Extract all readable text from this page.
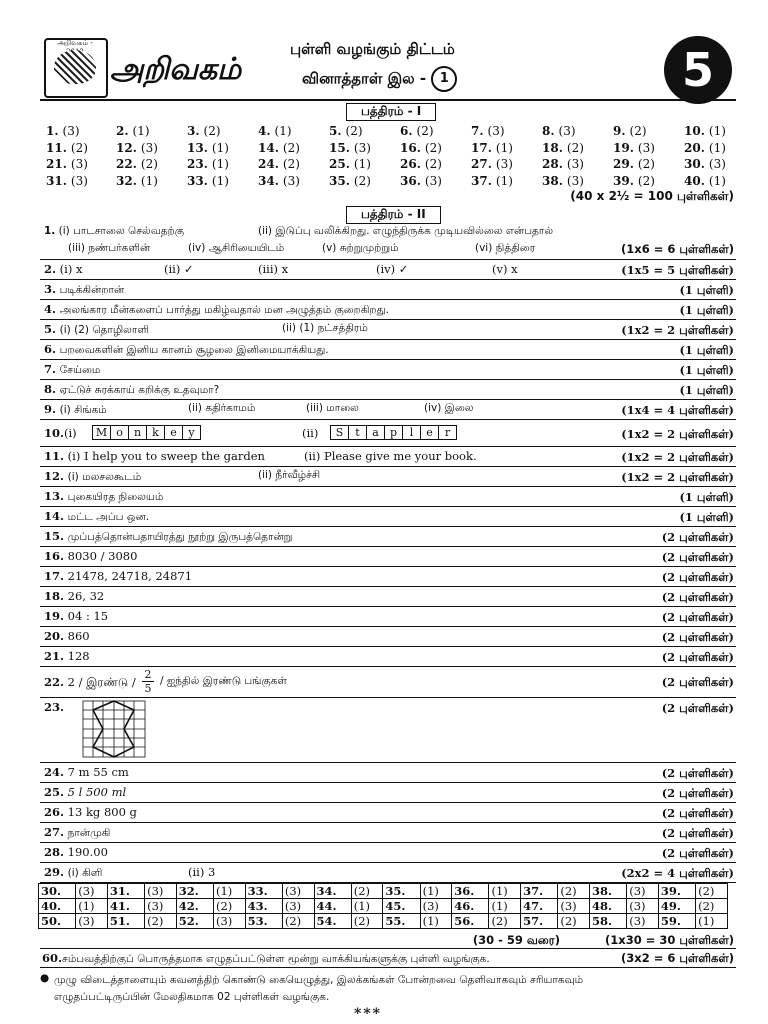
அறிவகம் -
அறிவகம்
புள்ளி வழங்கும் திட்டம்
வினாத்தாள் இல - 1	5
பத்திரம் - I
1. (3)	2. (1)	3. (2)	4. (1)	5. (2)	6. (2)	7. (3)	8. (3)	9. (2)	10. (1)
11. (2) 12. (3) 13. (1) 14. (2) 15. (3) 16. (2) 17. (1) 18. (2) 19. (3) 20. (1)
21. (3) 22. (2) 23. (1) 24. (2) 25. (1) 26. (2) 27. (3) 28. (3) 29. (2) 30. (3)
31. (3) 32. (1) 33. (1) 34. (3) 35. (2) 36. (3) 37. (1) 38. (3) 39. (2) 40. (1)
(40 x 2½ = 100 புள்ளிகள்)
பத்திரம் - II
1. (i) பாடசாலை செல்வதற்கு	(ii) இடுப்பு வலிக்கிறது. எழுந்திருக்க முடியவில்லை என்பதால்
(iii) நண்பர்களின்	(iv) ஆசிரியையிடம்	(v) சுற்றுமுற்றும்	(vi) நித்திரை	(1x6 = 6 புள்ளிகள்)
2. (i) x	(ii) ✓	(iii) x	(iv) ✓	(v) x	(1x5 = 5 புள்ளிகள்)
3. படிக்கின்றான்	(1 புள்ளி)
4. அலங்கார மீன்களைப் பார்த்து மகிழ்வதால் மன அழுத்தம் குறைகிறது.	(1 புள்ளி)
5. (i) (2) தொழிலாளி	(ii) (1) நட்சத்திரம்	(1x2 = 2 புள்ளிகள்)
6. பறவைகளின் இனிய கானம் சூழலை இனிமையாக்கியது.	(1 புள்ளி)
7. சேய்மை	(1 புள்ளி)
8. ஏட்டுச் சுரக்காய் கறிக்கு உதவுமா?	(1 புள்ளி)
9. (i) சிங்கம்	(ii) கதிர்காமம்	(iii) மாலை	(iv) இலை	(1x4 = 4 புள்ளிகள்)
10.(i)	M o n k e y	(ii)	S t a p l e r	(1x2 = 2 புள்ளிகள்)
11. (i) I help you to sweep the garden	(ii) Please give me your book.	(1x2 = 2 புள்ளிகள்)
12. (i) மலசலகூடம்	(ii) நீர்வீழ்ச்சி	(1x2 = 2 புள்ளிகள்)
13. புகையிரத நிலையம்	(1 புள்ளி)
14. மட்ட அப்ப ஒன.	(1 புள்ளி)
15. முப்பத்தொன்பதாயிரத்து நூற்று இருபத்தொன்று	(2 புள்ளிகள்)
16. 8030 / 3080	(2 புள்ளிகள்)
17. 21478, 24718, 24871	(2 புள்ளிகள்)
18. 26, 32	(2 புள்ளிகள்)
19. 04 : 15	(2 புள்ளிகள்)
20. 860	(2 புள்ளிகள்)
21. 128	(2 புள்ளிகள்)
22. 2 / இரண்டு / $\frac{2}{5}$ / ஐந்தில் இரண்டு பங்குகள்	(2 புள்ளிகள்)
23.	(2 புள்ளிகள்)
24. 7 m 55 cm	(2 புள்ளிகள்)
25. 5 l 500 ml	(2 புள்ளிகள்)
26. 13 kg 800 g	(2 புள்ளிகள்)
27. நான்முகி	(2 புள்ளிகள்)
28. 190.00	(2 புள்ளிகள்)
29. (i) கிளி	(ii) 3	(2x2 = 4 புள்ளிகள்)
30.	(3)	31.	(3)	32.	(1)	33.	(3)	34.	(2)	35.	(1)	36.	(1)	37.	(2)	38.	(3)	39.	(2)
40.	(1)	41.	(3)	42.	(2)	43.	(3)	44.	(1)	45.	(3)	46.	(1)	47.	(3)	48.	(3)	49.	(2)
50.	(3)	51.	(2)	52.	(3)	53.	(2)	54.	(2)	55.	(1)	56.	(2)	57.	(2)	58.	(3)	59.	(1)
(30 - 59 வரை)	(1x30 = 30 புள்ளிகள்)
60.சம்பவத்திற்குப் பொருத்தமாக எழுதப்பட்டுள்ள மூன்று வாக்கியங்களுக்கு புள்ளி வழங்குக.	(3x2 = 6 புள்ளிகள்)
● முழு விடைத்தாளையும் கவனத்திற் கொண்டு கையெழுத்து, இலக்கங்கள் போன்றவை தெளிவாகவும் சரியாகவும்
எழுதப்பட்டிருப்பின் மேலதிகமாக 02 புள்ளிகள் வழங்குக.
***
